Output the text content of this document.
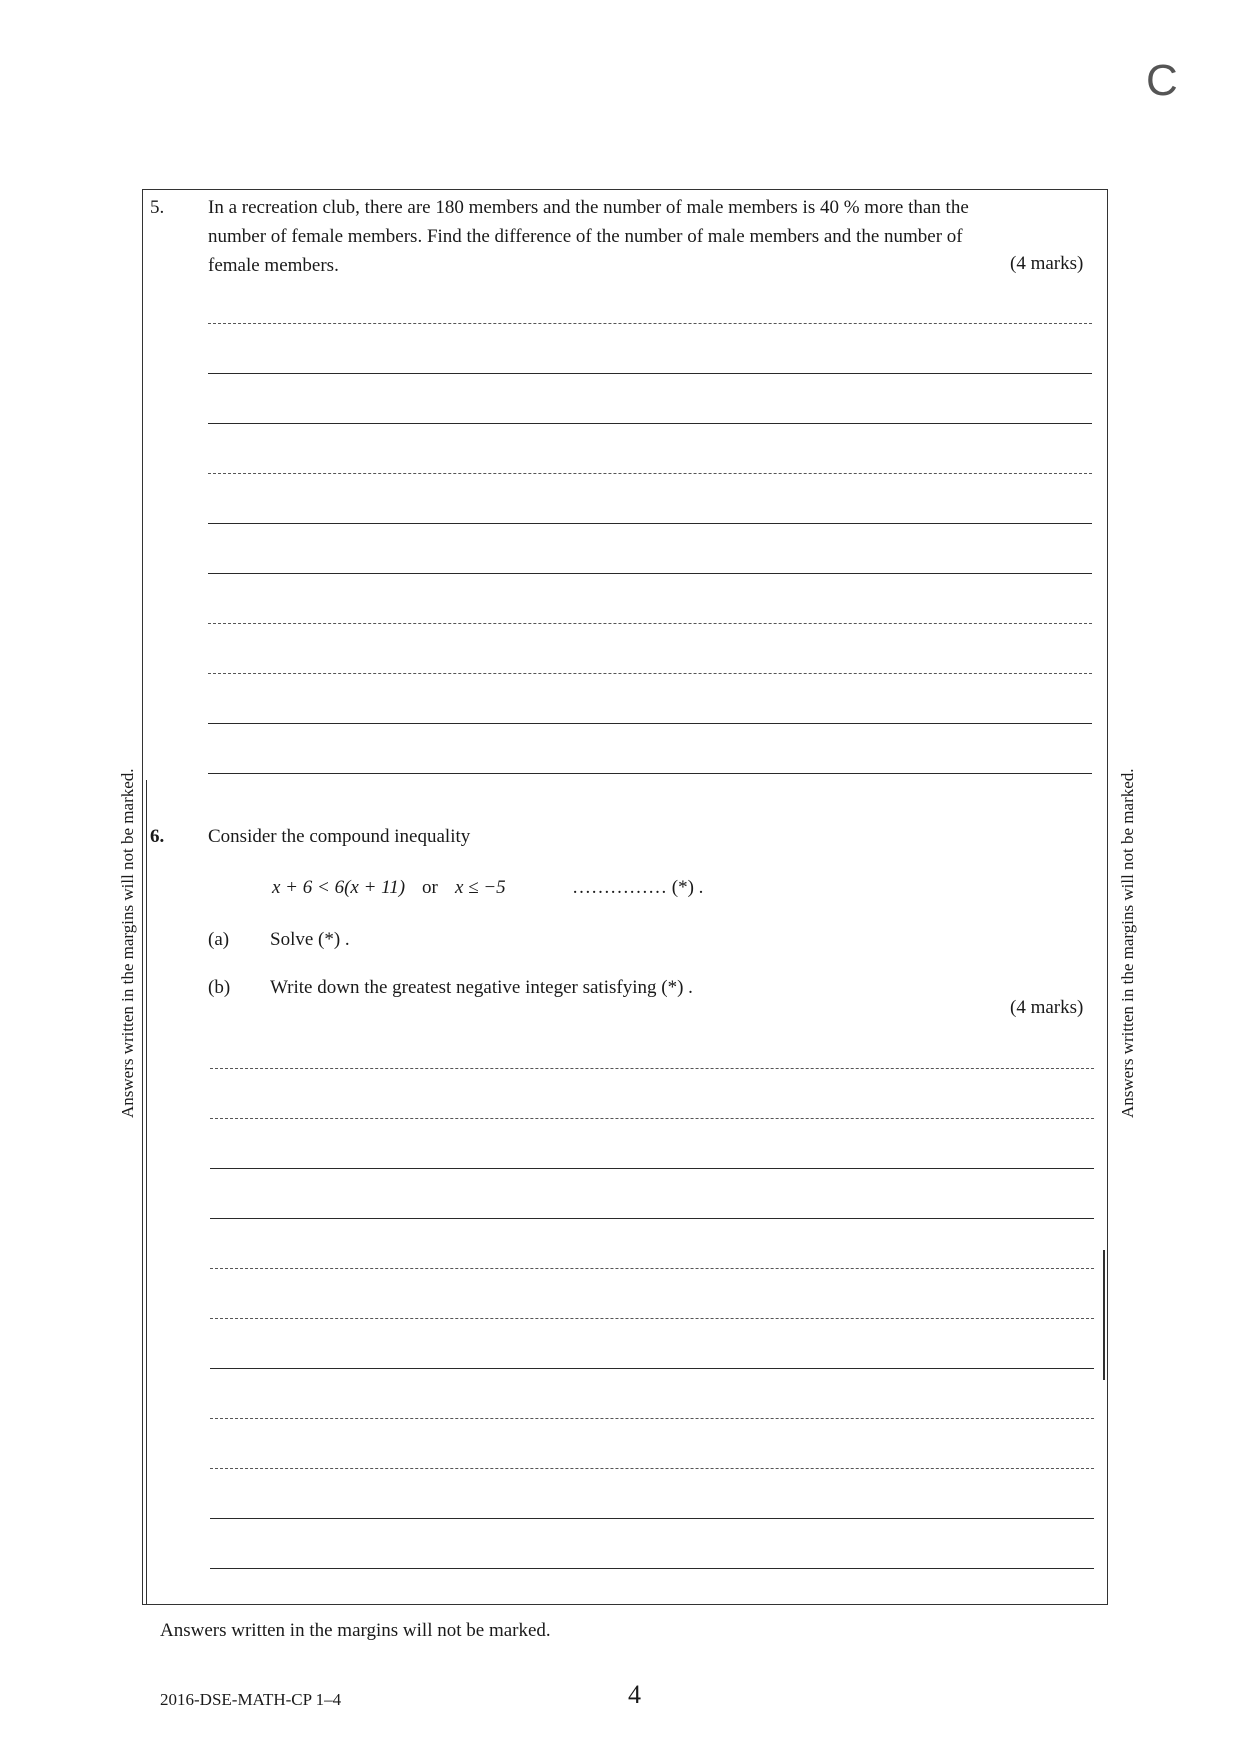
C
5. In a recreation club, there are 180 members and the number of male members is 40 % more than the
number of female members. Find the difference of the number of male members and the number of
female members.	(4 marks)
6. Consider the compound inequality
x + 6 < 6(x + 11) or x ≤ −5	…………… (*) .
(a) Solve (*) .
(b) Write down the greatest negative integer satisfying (*) .
(4 marks)
Answers written in the margins will not be marked.	Answers written in the margins will not be marked.
Answers written in the margins will not be marked.
2016-DSE-MATH-CP 1–4	4
